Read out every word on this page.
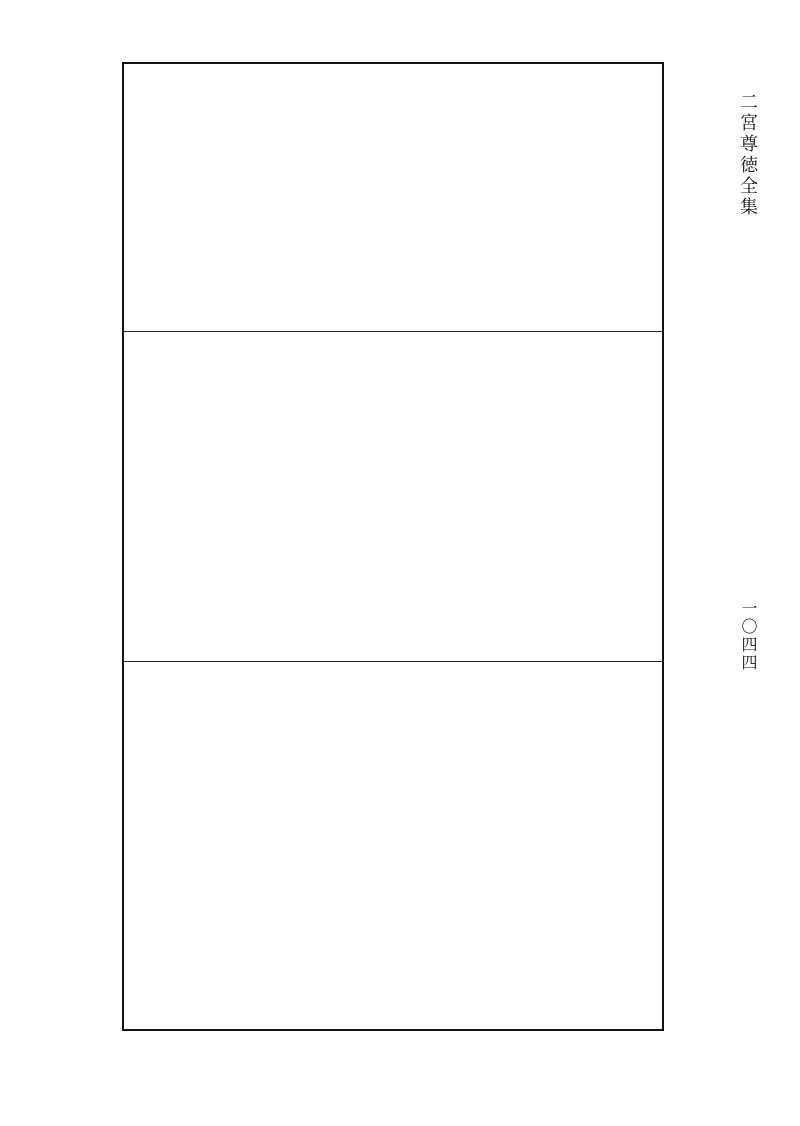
二宮尊徳全集
一〇四四
